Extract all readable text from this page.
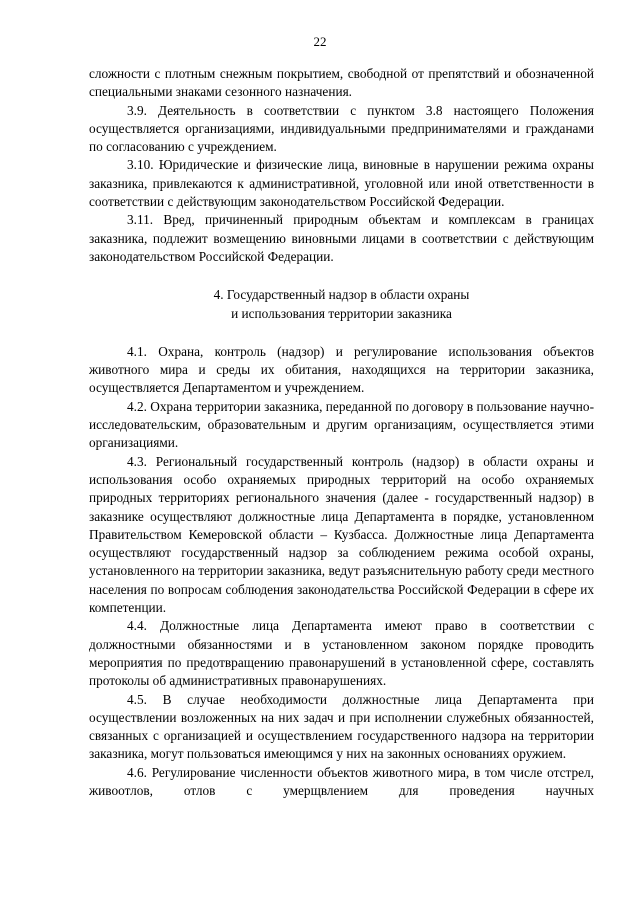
22

сложности с плотным снежным покрытием, свободной от препятствий и обозначенной специальными знаками сезонного назначения.

3.9. Деятельность в соответствии с пунктом 3.8 настоящего Положения осуществляется организациями, индивидуальными предпринимателями и гражданами по согласованию с учреждением.

3.10. Юридические и физические лица, виновные в нарушении режима охраны заказника, привлекаются к административной, уголовной или иной ответственности в соответствии с действующим законодательством Российской Федерации.

3.11. Вред, причиненный природным объектам и комплексам в границах заказника, подлежит возмещению виновными лицами в соответствии с действующим законодательством Российской Федерации.

4. Государственный надзор в области охраны
и использования территории заказника

4.1. Охрана, контроль (надзор) и регулирование использования объектов животного мира и среды их обитания, находящихся на территории заказника, осуществляется Департаментом и учреждением.

4.2. Охрана территории заказника, переданной по договору в пользование научно-исследовательским, образовательным и другим организациям, осуществляется этими организациями.

4.3. Региональный государственный контроль (надзор) в области охраны и использования особо охраняемых природных территорий на особо охраняемых природных территориях регионального значения (далее - государственный надзор) в заказнике осуществляют должностные лица Департамента в порядке, установленном Правительством Кемеровской области – Кузбасса. Должностные лица Департамента осуществляют государственный надзор за соблюдением режима особой охраны, установленного на территории заказника, ведут разъяснительную работу среди местного населения по вопросам соблюдения законодательства Российской Федерации в сфере их компетенции.

4.4. Должностные лица Департамента имеют право в соответствии с должностными обязанностями и в установленном законом порядке проводить мероприятия по предотвращению правонарушений в установленной сфере, составлять протоколы об административных правонарушениях.

4.5. В случае необходимости должностные лица Департамента при осуществлении возложенных на них задач и при исполнении служебных обязанностей, связанных с организацией и осуществлением государственного надзора на территории заказника, могут пользоваться имеющимся у них на законных основаниях оружием.

4.6. Регулирование численности объектов животного мира, в том числе отстрел, живоотлов, отлов с умерщвлением для проведения научных
